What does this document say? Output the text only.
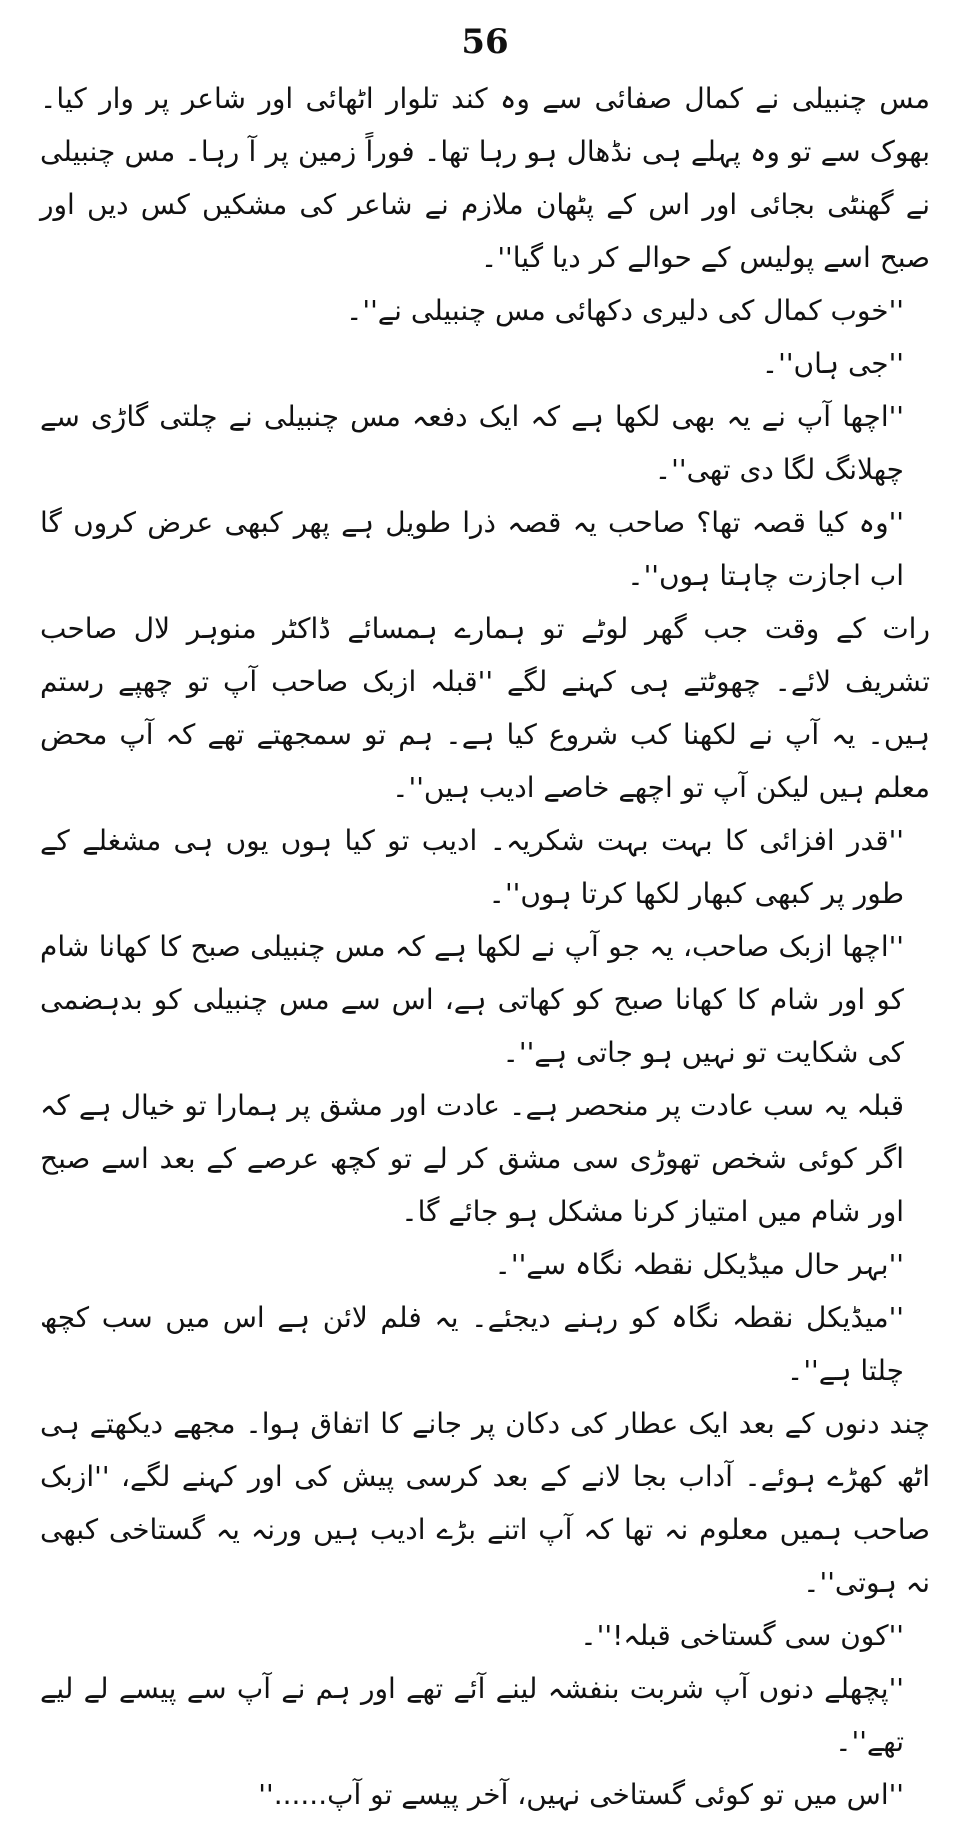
56

مس چنبیلی نے کمال صفائی سے وہ کند تلوار اٹھائی اور شاعر پر وار کیا۔ بھوک سے تو وہ پہلے ہی نڈھال ہو رہا تھا۔ فوراً زمین پر آ رہا۔ مس چنبیلی نے گھنٹی بجائی اور اس کے پٹھان ملازم نے شاعر کی مشکیں کس دیں اور صبح اسے پولیس کے حوالے کر دیا گیا''۔

''خوب کمال کی دلیری دکھائی مس چنبیلی نے''۔

''جی ہاں''۔

''اچھا آپ نے یہ بھی لکھا ہے کہ ایک دفعہ مس چنبیلی نے چلتی گاڑی سے چھلانگ لگا دی تھی''۔

''وہ کیا قصہ تھا؟ صاحب یہ قصہ ذرا طویل ہے پھر کبھی عرض کروں گا اب اجازت چاہتا ہوں''۔

رات کے وقت جب گھر لوٹے تو ہمارے ہمسائے ڈاکٹر منوہر لال صاحب تشریف لائے۔ چھوٹتے ہی کہنے لگے ''قبلہ ازبک صاحب آپ تو چھپے رستم ہیں۔ یہ آپ نے لکھنا کب شروع کیا ہے۔ ہم تو سمجھتے تھے کہ آپ محض معلم ہیں لیکن آپ تو اچھے خاصے ادیب ہیں''۔

''قدر افزائی کا بہت بہت شکریہ۔ ادیب تو کیا ہوں یوں ہی مشغلے کے طور پر کبھی کبھار لکھا کرتا ہوں''۔

''اچھا ازبک صاحب، یہ جو آپ نے لکھا ہے کہ مس چنبیلی صبح کا کھانا شام کو اور شام کا کھانا صبح کو کھاتی ہے، اس سے مس چنبیلی کو بدہضمی کی شکایت تو نہیں ہو جاتی ہے''۔

قبلہ یہ سب عادت پر منحصر ہے۔ عادت اور مشق پر ہمارا تو خیال ہے کہ اگر کوئی شخص تھوڑی سی مشق کر لے تو کچھ عرصے کے بعد اسے صبح اور شام میں امتیاز کرنا مشکل ہو جائے گا۔

''بہر حال میڈیکل نقطہ نگاہ سے''۔

''میڈیکل نقطہ نگاہ کو رہنے دیجئے۔ یہ فلم لائن ہے اس میں سب کچھ چلتا ہے''۔

چند دنوں کے بعد ایک عطار کی دکان پر جانے کا اتفاق ہوا۔ مجھے دیکھتے ہی اٹھ کھڑے ہوئے۔ آداب بجا لانے کے بعد کرسی پیش کی اور کہنے لگے، ''ازبک صاحب ہمیں معلوم نہ تھا کہ آپ اتنے بڑے ادیب ہیں ورنہ یہ گستاخی کبھی نہ ہوتی''۔

''کون سی گستاخی قبلہ!''۔

''پچھلے دنوں آپ شربت بنفشہ لینے آئے تھے اور ہم نے آپ سے پیسے لے لیے تھے''۔

''اس میں تو کوئی گستاخی نہیں، آخر پیسے تو آپ......''
